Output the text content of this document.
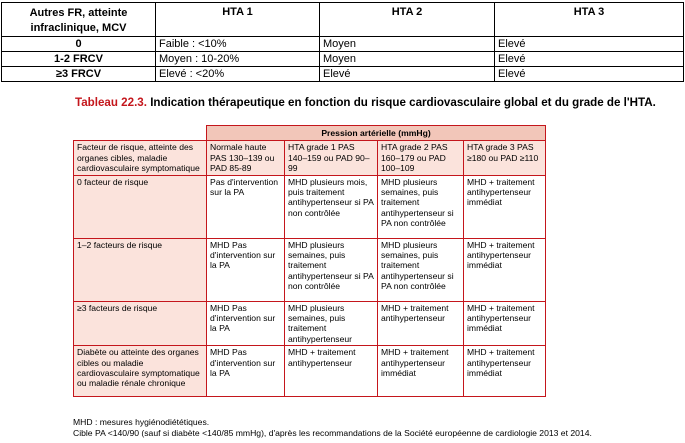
Autres FR, atteinte infraclinique, MCV	HTA 1	HTA 2	HTA 3
0	Faible : <10%	Moyen	Elevé
1-2 FRCV	Moyen : 10-20%	Moyen	Elevé
≥3 FRCV	Elevé : <20%	Elevé	Elevé
Tableau 22.3. Indication thérapeutique en fonction du risque cardiovasculaire global et du grade de l'HTA.
	Pression artérielle (mmHg)			
Facteur de risque, atteinte des organes cibles, maladie cardiovasculaire symptomatique	Normale haute PAS 130–139 ou PAD 85-89	HTA grade 1 PAS 140–159 ou PAD 90–99	HTA grade 2 PAS 160–179 ou PAD 100–109	HTA grade 3 PAS ≥180 ou PAD ≥110
0 facteur de risque	Pas d'intervention sur la PA	MHD plusieurs mois, puis traitement antihypertenseur si PA non contrôlée	MHD plusieurs semaines, puis traitement antihypertenseur si PA non contrôlée	MHD + traitement antihypertenseur immédiat
1–2 facteurs de risque	MHD Pas d'intervention sur la PA	MHD plusieurs semaines, puis traitement antihypertenseur si PA non contrôlée	MHD plusieurs semaines, puis traitement antihypertenseur si PA non contrôlée	MHD + traitement antihypertenseur immédiat
≥3 facteurs de risque	MHD Pas d'intervention sur la PA	MHD plusieurs semaines, puis traitement antihypertenseur	MHD + traitement antihypertenseur	MHD + traitement antihypertenseur immédiat
Diabète ou atteinte des organes cibles ou maladie cardiovasculaire symptomatique ou maladie rénale chronique	MHD Pas d'intervention sur la PA	MHD + traitement antihypertenseur	MHD + traitement antihypertenseur immédiat	MHD + traitement antihypertenseur immédiat
MHD : mesures hygiénodiététiques.
Cible PA <140/90 (sauf si diabète <140/85 mmHg), d'après les recommandations de la Société européenne de cardiologie 2013 et 2014.
